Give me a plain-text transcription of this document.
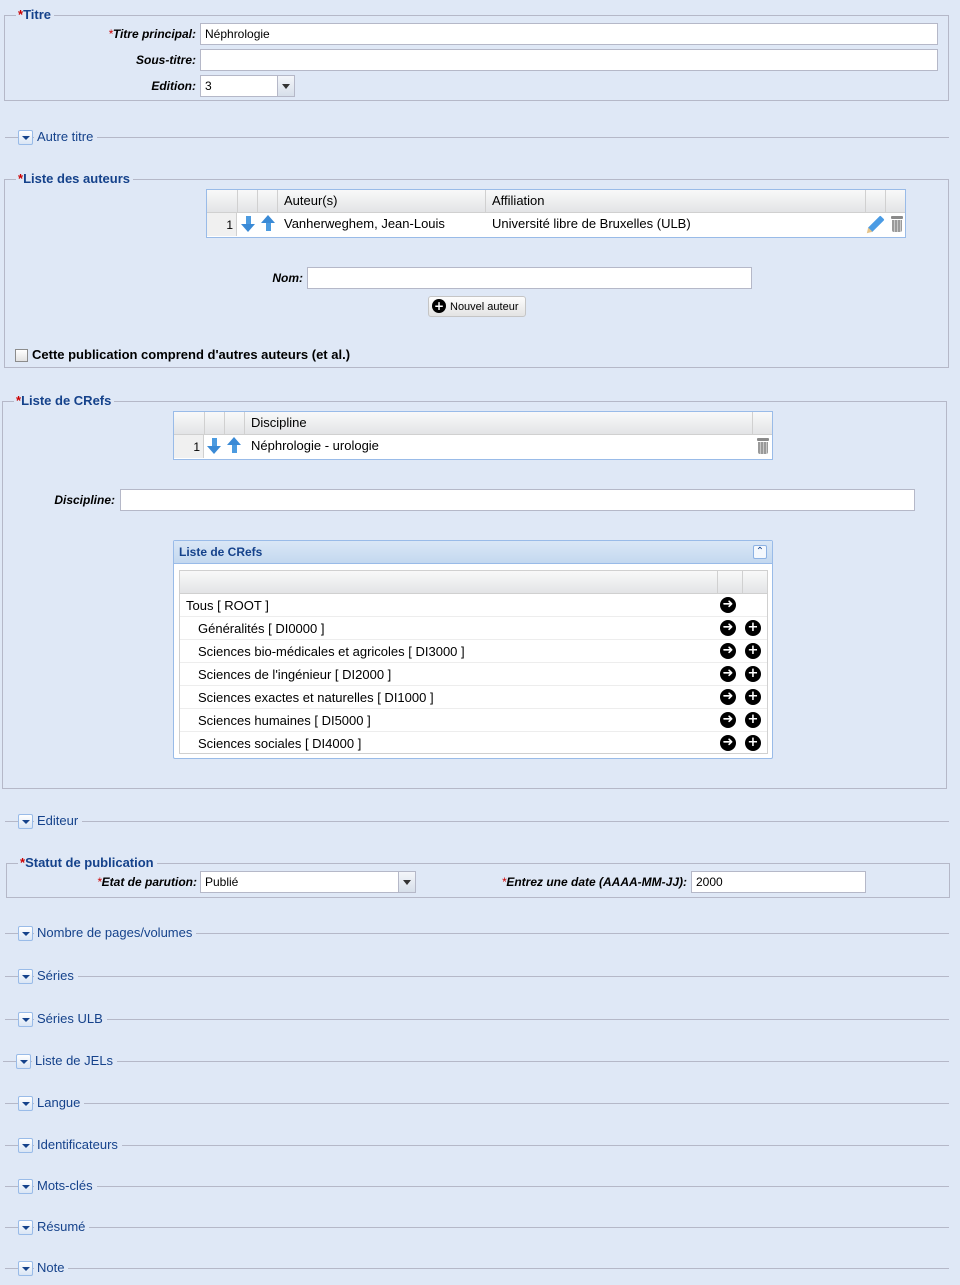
*Titre
*Titre principal: Néphrologie
Sous-titre:
Edition: 3
Autre titre
*Liste des auteurs
Auteur(s)	Affiliation
1	Vanherweghem, Jean-Louis	Université libre de Bruxelles (ULB)
Nom:
+ Nouvel auteur
Cette publication comprend d'autres auteurs (et al.)
*Liste de CRefs
Discipline
1	Néphrologie - urologie
Discipline:
Liste de CRefs	⌃
Tous [ ROOT ]	➜
Généralités [ DI0000 ]	➜ +
Sciences bio-médicales et agricoles [ DI3000 ]	➜ +
Sciences de l'ingénieur [ DI2000 ]	➜ +
Sciences exactes et naturelles [ DI1000 ]	➜ +
Sciences humaines [ DI5000 ]	➜ +
Sciences sociales [ DI4000 ]	➜ +
Editeur
*Statut de publication
*Etat de parution: Publié	*Entrez une date (AAAA-MM-JJ): 2000
Nombre de pages/volumes
Séries
Séries ULB
Liste de JELs
Langue
Identificateurs
Mots-clés
Résumé
Note
